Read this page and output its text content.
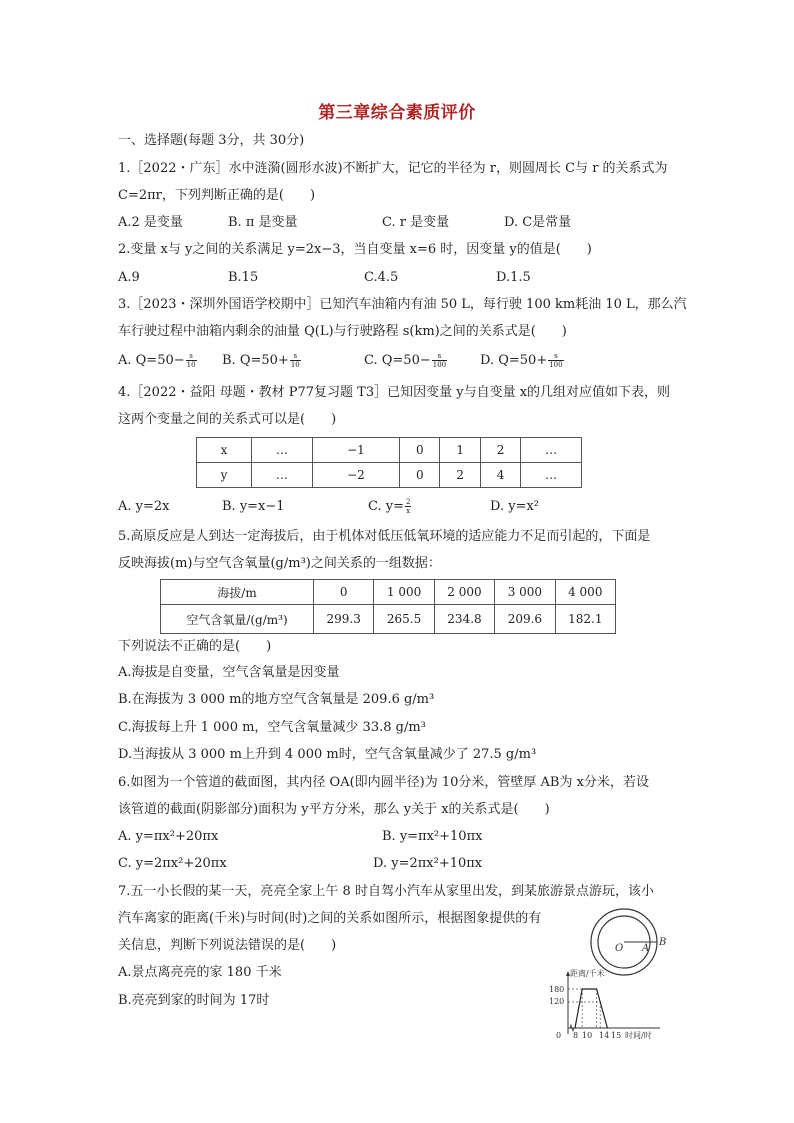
第三章综合素质评价
一、选择题(每题 3分，共 30分)
1.［2022・广东］水中涟漪(圆形水波)不断扩大，记它的半径为 r，则圆周长 C与 r 的关系式为
C=2πr，下列判断正确的是(　　)
A.2 是变量	B. π 是变量	C. r 是变量	D. C是常量
2.变量 x与 y之间的关系满足 y=2x−3，当自变量 x=6 时，因变量 y的值是(　　)
A.9	B.15	C.4.5	D.1.5
3.［2023・深圳外国语学校期中］已知汽车油箱内有油 50 L，每行驶 100 km耗油 10 L，那么汽
车行驶过程中油箱内剩余的油量 Q(L)与行驶路程 s(km)之间的关系式是(　　)
A. $Q=50- \frac{s}{10} B$. $Q=50+ \frac{s}{10}$	C. $Q=50- \frac{s}{100}$	D. $Q=50+ \frac{s}{100}$
4.［2022・益阳 母题・教材 P77复习题 T3］已知因变量 y与自变量 x的几组对应值如下表，则
这两个变量之间的关系式可以是(　　)
x	…	−1	0	1	2	…
y	…	−2	0	2	4	…
A. y=2x	B. y=x−1	C. $y= \frac{2}{x}$	D. y=x²
5.高原反应是人到达一定海拔后，由于机体对低压低氧环境的适应能力不足而引起的，下面是
反映海拔(m)与空气含氧量(g/m³)之间关系的一组数据：
海拔/m	0	1 000	2 000	3 000	4 000
空气含氧量/(g/m³)	299.3	265.5	234.8	209.6	182.1
下列说法不正确的是(　　)
A.海拔是自变量，空气含氧量是因变量
B.在海拔为 3 000 m的地方空气含氧量是 209.6 g/m³
C.海拔每上升 1 000 m，空气含氧量减少 33.8 g/m³
D.当海拔从 3 000 m上升到 4 000 m时，空气含氧量减少了 27.5 g/m³
6.如图为一个管道的截面图，其内径 OA(即内圆半径)为 10分米，管壁厚 AB为 x分米，若设
该管道的截面(阴影部分)面积为 y平方分米，那么 y关于 x的关系式是(　　)
A. y=πx²+20πx	B. y=πx²+10πx
C. y=2πx²+20πx	D. y=2πx²+10πx
7.五一小长假的某一天，亮亮全家上午 8 时自驾小汽车从家里出发，到某旅游景点游玩，该小
汽车离家的距离(千米)与时间(时)之间的关系如图所示，根据图象提供的有
关信息，判断下列说法错误的是(　　)
A.景点离亮亮的家 180 千米
B.亮亮到家的时间为 17时
O A
B
距离/千米
时间/时
180
120
0 8 10 14 15
